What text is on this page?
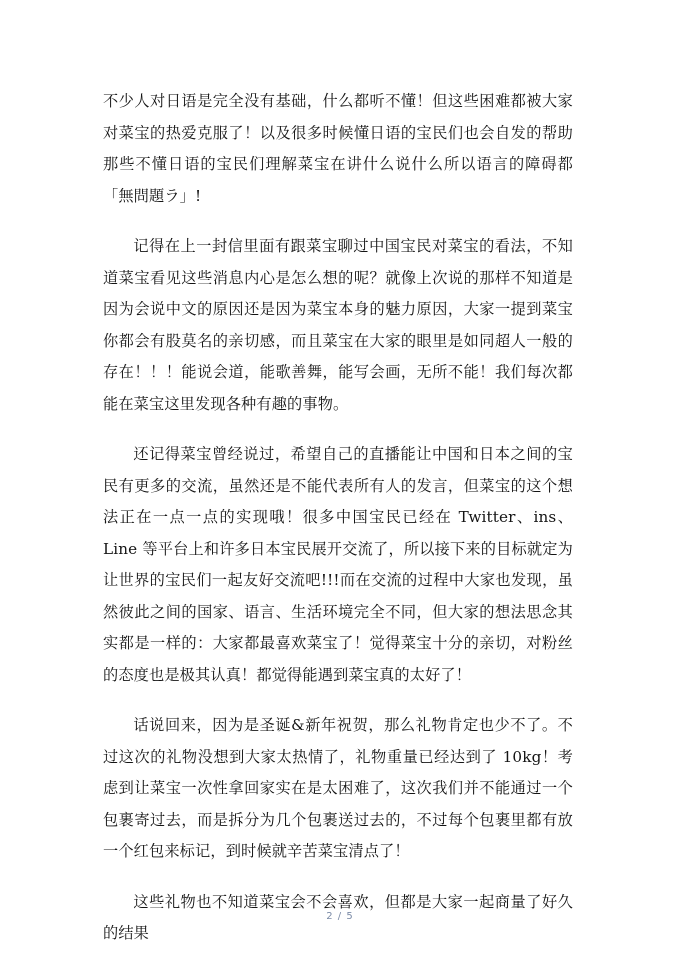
不少人对日语是完全没有基础，什么都听不懂！但这些困难都被大家对菜宝的热爱克服了！以及很多时候懂日语的宝民们也会自发的帮助那些不懂日语的宝民们理解菜宝在讲什么说什么所以语言的障碍都「無問題ラ」!

记得在上一封信里面有跟菜宝聊过中国宝民对菜宝的看法，不知道菜宝看见这些消息内心是怎么想的呢？就像上次说的那样不知道是因为会说中文的原因还是因为菜宝本身的魅力原因，大家一提到菜宝你都会有股莫名的亲切感，而且菜宝在大家的眼里是如同超人一般的存在！！！能说会道，能歌善舞，能写会画，无所不能！我们每次都能在菜宝这里发现各种有趣的事物。

还记得菜宝曾经说过，希望自己的直播能让中国和日本之间的宝民有更多的交流，虽然还是不能代表所有人的发言，但菜宝的这个想法正在一点一点的实现哦！很多中国宝民已经在 Twitter、ins、Line 等平台上和许多日本宝民展开交流了，所以接下来的目标就定为让世界的宝民们一起友好交流吧!!!而在交流的过程中大家也发现，虽然彼此之间的国家、语言、生活环境完全不同，但大家的想法思念其实都是一样的：大家都最喜欢菜宝了！觉得菜宝十分的亲切，对粉丝的态度也是极其认真！都觉得能遇到菜宝真的太好了！

话说回来，因为是圣诞&新年祝贺，那么礼物肯定也少不了。不过这次的礼物没想到大家太热情了，礼物重量已经达到了 10kg！考虑到让菜宝一次性拿回家实在是太困难了，这次我们并不能通过一个包裹寄过去，而是拆分为几个包裹送过去的，不过每个包裹里都有放一个红包来标记，到时候就辛苦菜宝清点了！

这些礼物也不知道菜宝会不会喜欢，但都是大家一起商量了好久的结果

2 / 5
